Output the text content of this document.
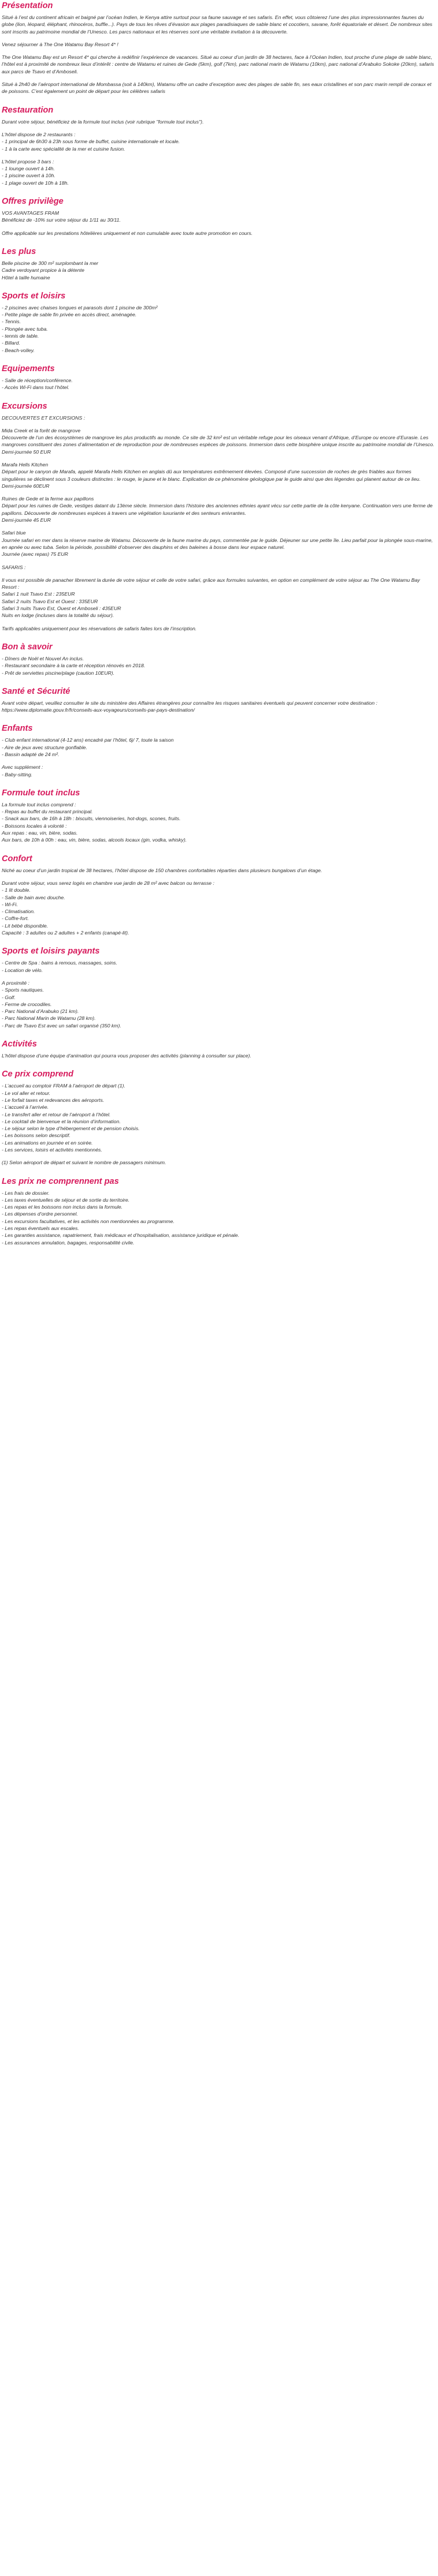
Présentation

Situé à l’est du continent africain et baigné par l’océan Indien, le Kenya attire surtout pour sa faune sauvage et ses safaris. En effet, vous côtoierez l’une des plus impressionnantes faunes du globe (lion, léopard, éléphant, rhinocéros, buffle...). Pays de tous les rêves d’évasion aux plages paradisiaques de sable blanc et cocotiers, savane, forêt équatoriale et désert. De nombreux sites sont inscrits au patrimoine mondial de l’Unesco. Les parcs nationaux et les réserves sont une véritable invitation à la découverte.

Venez séjourner à The One Watamu Bay Resort 4* !

The One Watamu Bay est un Resort 4* qui cherche à redéfinir l’expérience de vacances. Situé au coeur d’un jardin de 38 hectares, face à l’Océan Indien, tout proche d’une plage de sable blanc, l’hôtel est à proximité de nombreux lieux d’intérêt : centre de Watamu et ruines de Gede (5km), golf (7km), parc national marin de Watamu (10km), parc national d’Arabuko Sokoke (20km), safaris aux parcs de Tsavo et d’Amboseli.

Situé à 2h40 de l’aéroport international de Mombassa (soit à 140km), Watamu offre un cadre d’exception avec des plages de sable fin, ses eaux cristallines et son parc marin rempli de coraux et de poissons. C’est également un point de départ pour les célèbres safaris

Restauration

Durant votre séjour, bénéficiez de la formule tout inclus (voir rubrique "formule tout inclus").

L’hôtel dispose de 2 restaurants :
- 1 principal de 6h30 à 23h sous forme de buffet, cuisine internationale et locale.
- 1 à la carte avec spécialité de la mer et cuisine fusion.
L’hôtel propose 3 bars :
- 1 lounge ouvert à 14h.
- 1 piscine ouvert à 10h.
- 1 plage ouvert de 10h à 18h.
Offres privilège
VOS AVANTAGES FRAM
Bénéficiez de -10% sur votre séjour du 1/11 au 30/11.

Offre applicable sur les prestations hôtelières uniquement et non cumulable avec toute autre promotion en cours.

Les plus
Belle piscine de 300 m² surplombant la mer
Cadre verdoyant propice à la détente
Hôtel à taille humaine
Sports et loisirs
- 2 piscines avec chaises longues et parasols dont 1 piscine de 300m²
- Petite plage de sable fin privée en accès direct, aménagée.
- Tennis.
- Plongée avec tuba.
- tennis de table.
- Billard.
- Beach-volley.
Equipements
- Salle de réception/conférence.
- Accès Wi-Fi dans tout l’hôtel.
Excursions

DECOUVERTES ET EXCURSIONS :

Mida Creek et la forêt de mangrove
Découverte de l’un des écosystèmes de mangrove les plus productifs au monde. Ce site de 32 km² est un véritable refuge pour les oiseaux venant d’Afrique, d’Europe ou encore d’Eurasie. Les mangroves constituent des zones d’alimentation et de reproduction pour de nombreuses espèces de poissons. Immersion dans cette biosphère unique inscrite au patrimoine mondial de l’Unesco.
Demi-journée 50 EUR
Marafa Hells Kitchen
Départ pour le canyon de Marafa, appelé Marafa Hells Kitchen en anglais dû aux températures extrêmement élevées. Composé d’une succession de roches de grès friables aux formes singulières se déclinent sous 3 couleurs distinctes : le rouge, le jaune et le blanc. Explication de ce phénomène géologique par le guide ainsi que des légendes qui planent autour de ce lieu.
Demi-journée 60EUR
Ruines de Gede et la ferme aux papillons
Départ pour les ruines de Gede, vestiges datant du 13ème siècle. Immersion dans l’histoire des anciennes ethnies ayant vécu sur cette partie de la côte kenyane. Continuation vers une ferme de papillons. Découverte de nombreuses espèces à travers une végétation luxuriante et des senteurs enivrantes.
Demi-journée 45 EUR
Safari blue
Journée safari en mer dans la réserve marine de Watamu. Découverte de la faune marine du pays, commentée par le guide. Déjeuner sur une petite île. Lieu parfait pour la plongée sous-marine, en apnée ou avec tuba. Selon la période, possibilité d’observer des dauphins et des baleines à bosse dans leur espace naturel.
Journée (avec repas) 75 EUR

SAFARIS :

Il vous est possible de panacher librement la durée de votre séjour et celle de votre safari, grâce aux formules suivantes, en option en complément de votre séjour au The One Watamu Bay Resort :
Safari 1 nuit Tsavo Est : 235EUR
Safari 2 nuits Tsavo Est et Ouest : 335EUR
Safari 3 nuits Tsavo Est, Ouest et Amboseli : 435EUR
Nuits en lodge (incluses dans la totalité du séjour).

Tarifs applicables uniquement pour les réservations de safaris faites lors de l’inscription.

Bon à savoir
- Dîners de Noël et Nouvel An inclus.
- Restaurant secondaire à la carte et réception rénovés en 2018.
- Prêt de serviettes piscine/plage (caution 10EUR).
Santé et Sécurité

Avant votre départ, veuillez consulter le site du ministère des Affaires étrangères pour connaître les risques sanitaires éventuels qui peuvent concerner votre destination : https://www.diplomatie.gouv.fr/fr/conseils-aux-voyageurs/conseils-par-pays-destination/

Enfants
- Club enfant international (4-12 ans) encadré par l’hôtel, 6j/ 7, toute la saison
- Aire de jeux avec structure gonflable.
- Bassin adapté de 24 m².
Avec supplément :
- Baby-sitting.
Formule tout inclus
La formule tout inclus comprend :
- Repas au buffet du restaurant principal.
- Snack aux bars, de 16h à 18h : biscuits, viennoiseries, hot-dogs, scones, fruits.
- Boissons locales à volonté :
Aux repas : eau, vin, bière, sodas.
Aux bars, de 10h à 00h : eau, vin, bière, sodas, alcools locaux (gin, vodka, whisky).
Confort

Niché au coeur d’un jardin tropical de 38 hectares, l’hôtel dispose de 150 chambres confortables réparties dans plusieurs bungalows d’un étage.

Durant votre séjour, vous serez logés en chambre vue jardin de 28 m² avec balcon ou terrasse :
- 1 lit double.
- Salle de bain avec douche.
- Wi-Fi.
- Climatisation.
- Coffre-fort.
- Lit bébé disponible.
Capacité : 3 adultes ou 2 adultes + 2 enfants (canapé-lit).
Sports et loisirs payants
- Centre de Spa : bains à remous, massages, soins.
- Location de vélo.
A proximité :
- Sports nautiques.
- Golf.
- Ferme de crocodiles.
- Parc National d’Arabuko (21 km).
- Parc National Marin de Watamu (28 km).
- Parc de Tsavo Est avec un safari organisé (350 km).
Activités

L’hôtel dispose d’une équipe d’animation qui pourra vous proposer des activités (planning à consulter sur place).

Ce prix comprend
- L’accueil au comptoir FRAM à l’aéroport de départ (1).
- Le vol aller et retour.
- Le forfait taxes et redevances des aéroports.
- L’accueil à l’arrivée.
- Le transfert aller et retour de l’aéroport à l’hôtel.
- Le cocktail de bienvenue et la réunion d’information.
- Le séjour selon le type d’hébergement et de pension choisis.
- Les boissons selon descriptif.
- Les animations en journée et en soirée.
- Les services, loisirs et activités mentionnés.

(1) Selon aéroport de départ et suivant le nombre de passagers minimum.

Les prix ne comprennent pas
- Les frais de dossier.
- Les taxes éventuelles de séjour et de sortie du territoire.
- Les repas et les boissons non inclus dans la formule.
- Les dépenses d’ordre personnel.
- Les excursions facultatives, et les activités non mentionnées au programme.
- Les repas éventuels aux escales.
- Les garanties assistance, rapatriement, frais médicaux et d’hospitalisation, assistance juridique et pénale.
- Les assurances annulation, bagages, responsabilité civile.
